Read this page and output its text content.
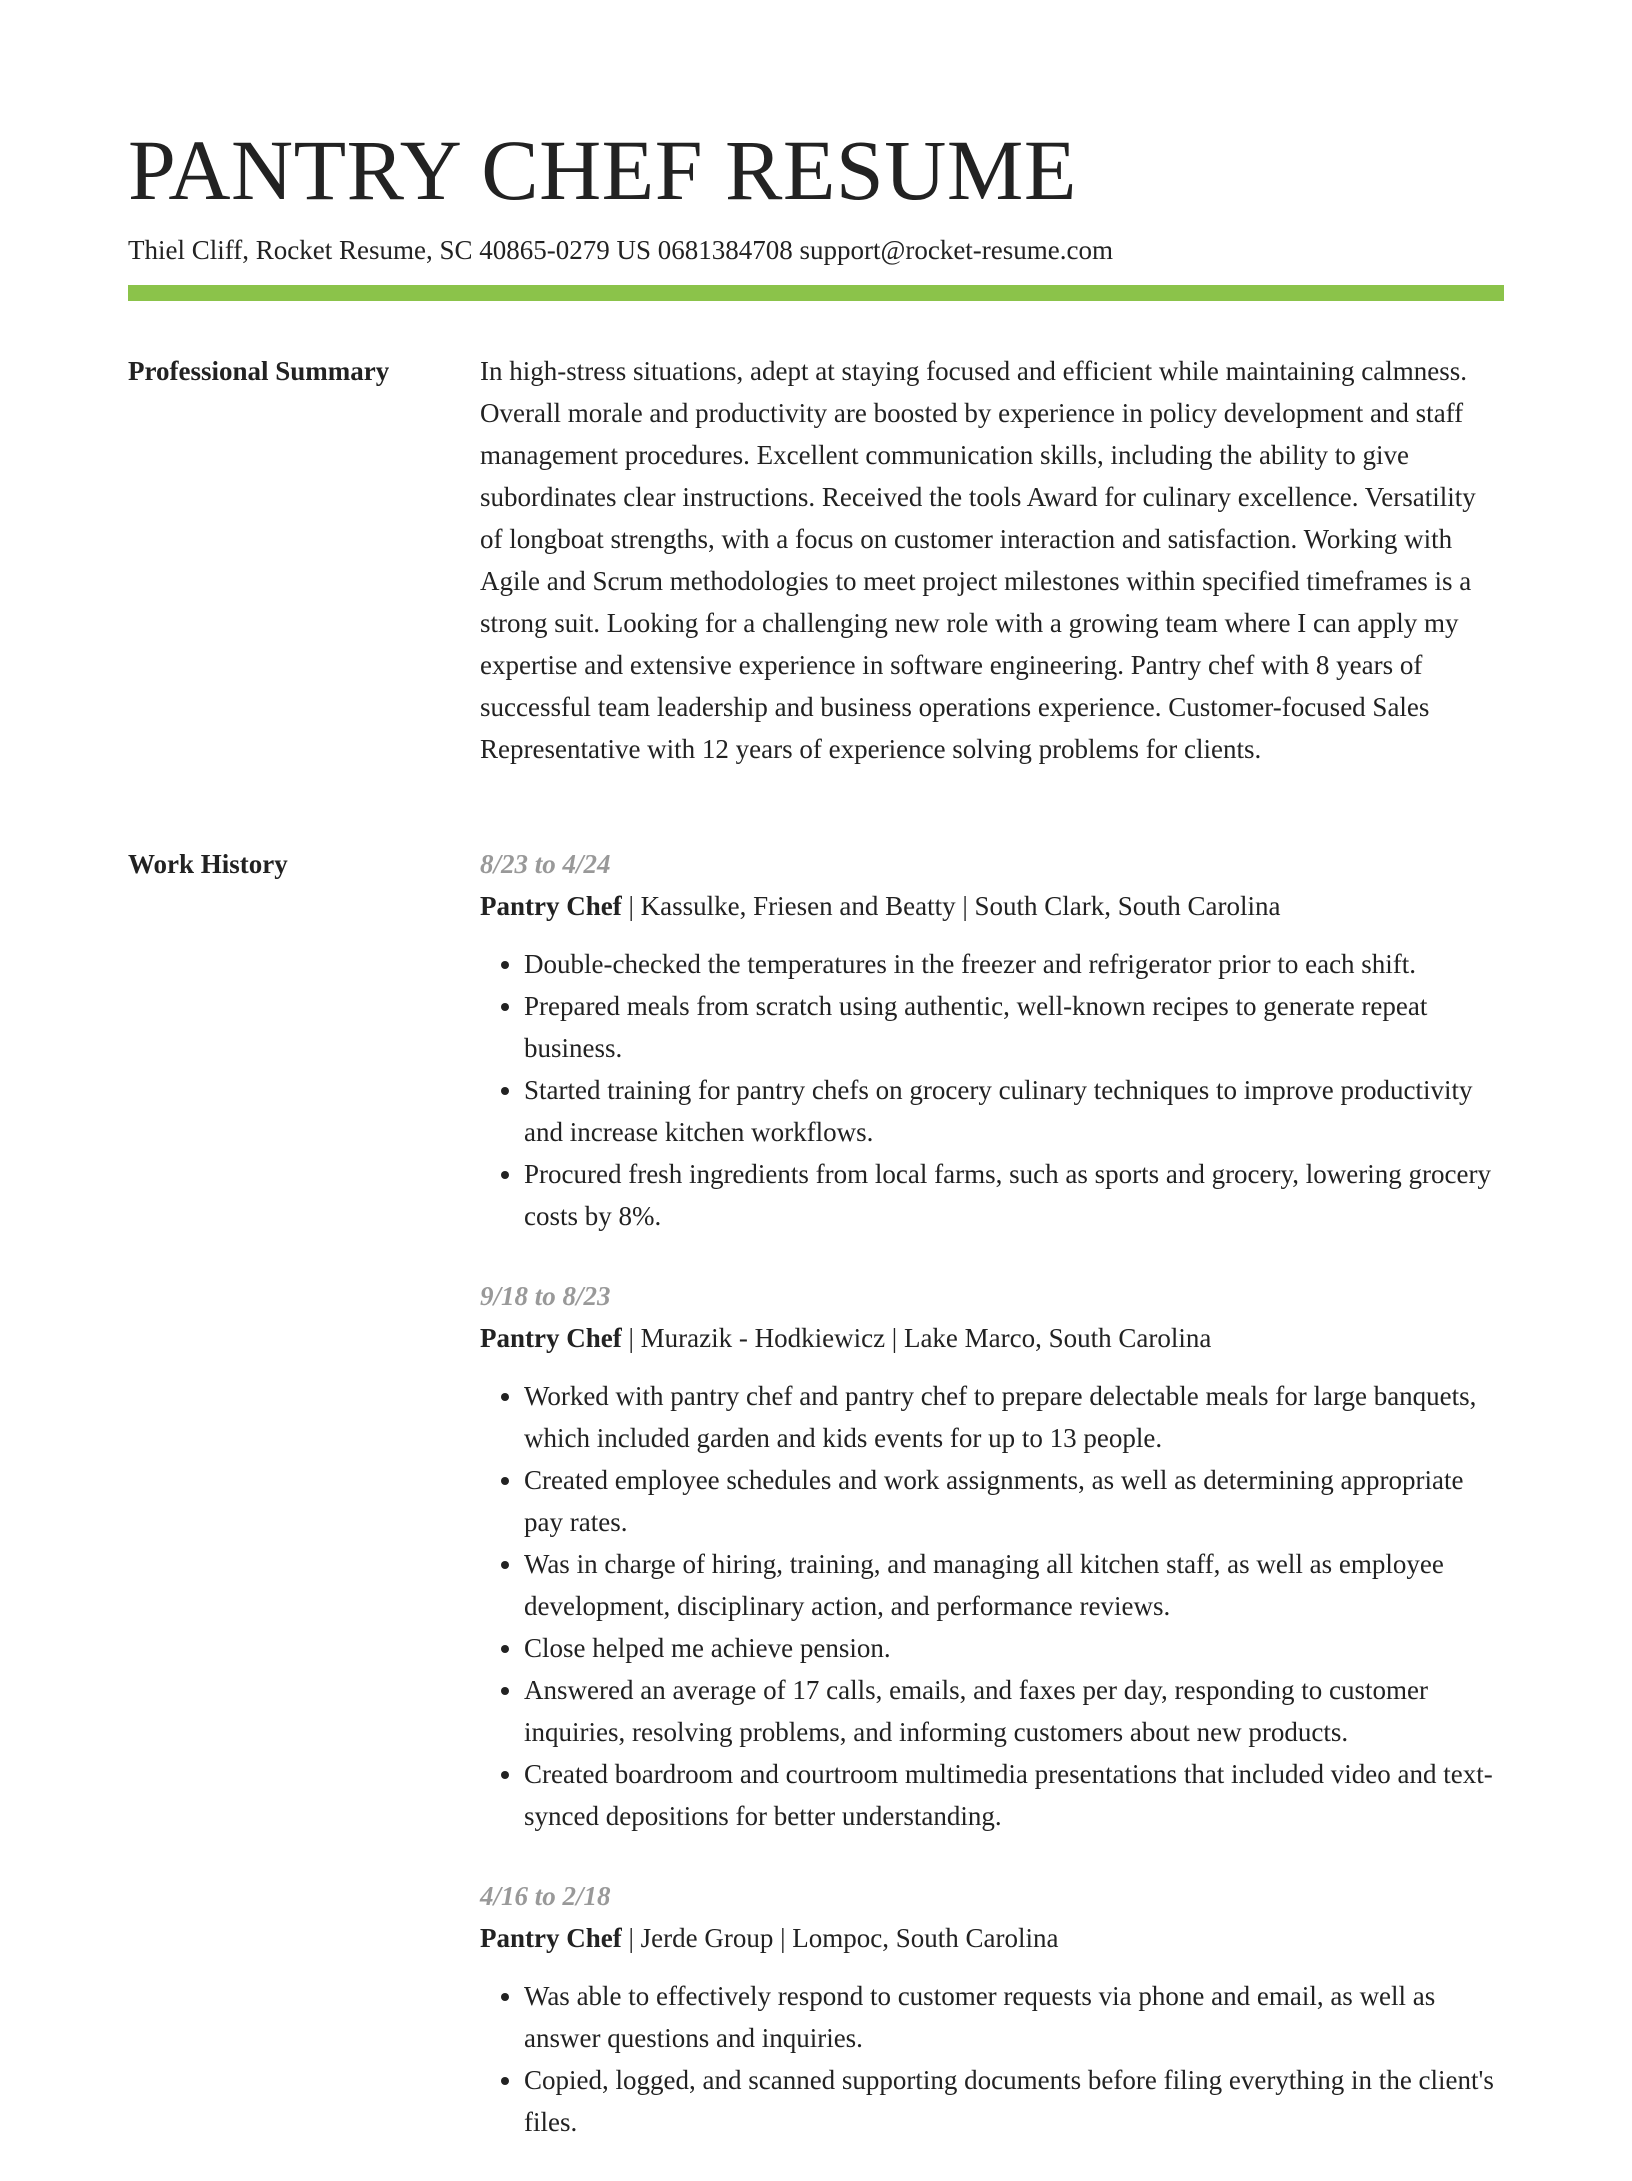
PANTRY CHEF RESUME
Thiel Cliff, Rocket Resume, SC 40865-0279 US 0681384708 support@rocket-resume.com
Professional Summary	In high-stress situations, adept at staying focused and efficient while maintaining calmness. Overall morale and productivity are boosted by experience in policy development and staff management procedures. Excellent communication skills, including the ability to give subordinates clear instructions. Received the tools Award for culinary excellence. Versatility of longboat strengths, with a focus on customer interaction and satisfaction. Working with Agile and Scrum methodologies to meet project milestones within specified timeframes is a strong suit. Looking for a challenging new role with a growing team where I can apply my expertise and extensive experience in software engineering. Pantry chef with 8 years of successful team leadership and business operations experience. Customer-focused Sales Representative with 12 years of experience solving problems for clients.

Work History	8/23 to 4/24

Pantry Chef | Kassulke, Friesen and Beatty | South Clark, South Carolina

• Double-checked the temperatures in the freezer and refrigerator prior to each shift.
• Prepared meals from scratch using authentic, well-known recipes to generate repeat business.
• Started training for pantry chefs on grocery culinary techniques to improve productivity and increase kitchen workflows.
• Procured fresh ingredients from local farms, such as sports and grocery, lowering grocery costs by 8%.

9/18 to 8/23

Pantry Chef | Murazik - Hodkiewicz | Lake Marco, South Carolina

• Worked with pantry chef and pantry chef to prepare delectable meals for large banquets, which included garden and kids events for up to 13 people.
• Created employee schedules and work assignments, as well as determining appropriate pay rates.
• Was in charge of hiring, training, and managing all kitchen staff, as well as employee development, disciplinary action, and performance reviews.
• Close helped me achieve pension.
• Answered an average of 17 calls, emails, and faxes per day, responding to customer inquiries, resolving problems, and informing customers about new products.
• Created boardroom and courtroom multimedia presentations that included video and text-synced depositions for better understanding.

4/16 to 2/18

Pantry Chef | Jerde Group | Lompoc, South Carolina

• Was able to effectively respond to customer requests via phone and email, as well as answer questions and inquiries.
• Copied, logged, and scanned supporting documents before filing everything in the client's files.
